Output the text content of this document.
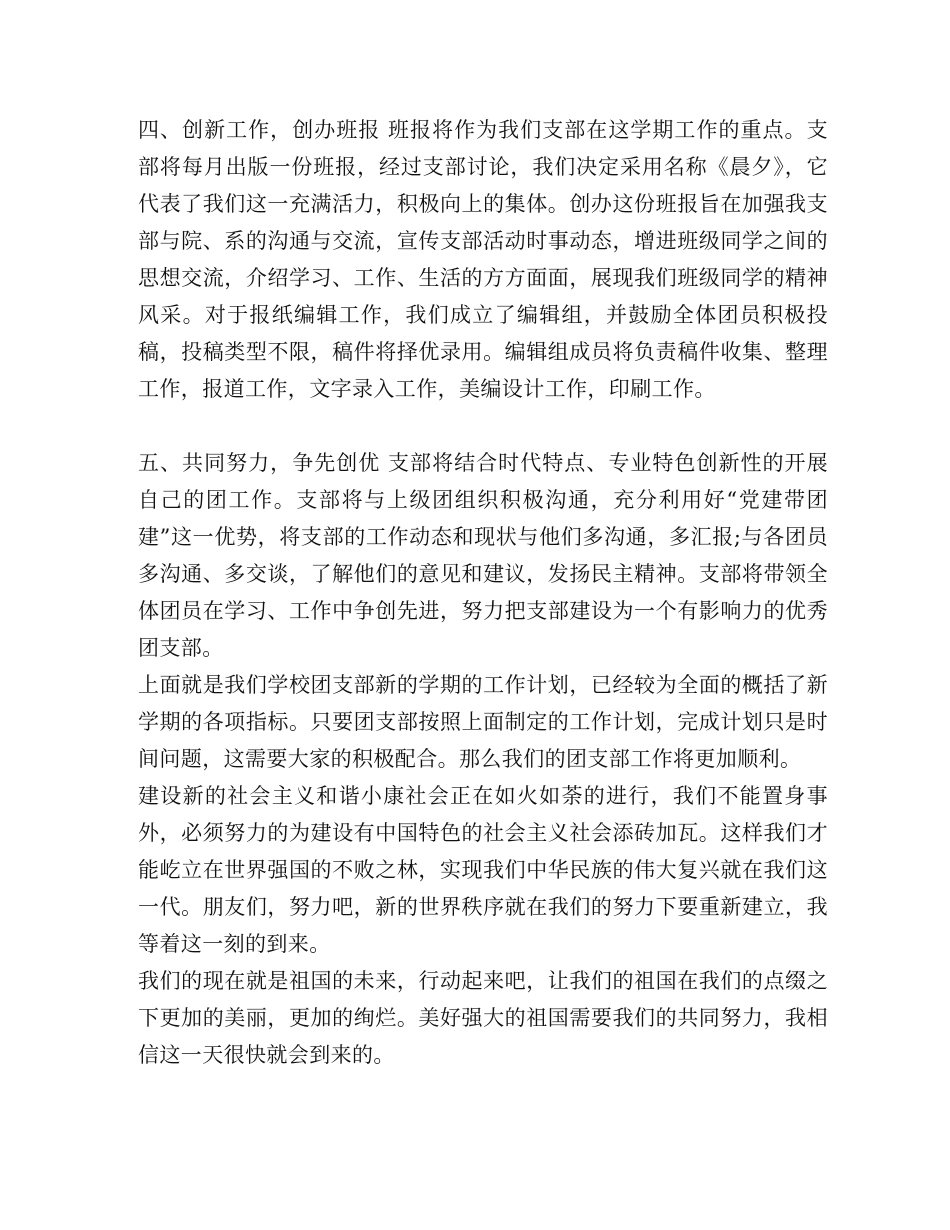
四、创新工作，创办班报 班报将作为我们支部在这学期工作的重点。支部将每月出版一份班报，经过支部讨论，我们决定采用名称《晨夕》，它代表了我们这一充满活力，积极向上的集体。创办这份班报旨在加强我支部与院、系的沟通与交流，宣传支部活动时事动态，增进班级同学之间的思想交流，介绍学习、工作、生活的方方面面，展现我们班级同学的精神风采。对于报纸编辑工作，我们成立了编辑组，并鼓励全体团员积极投稿，投稿类型不限，稿件将择优录用。编辑组成员将负责稿件收集、整理工作，报道工作，文字录入工作，美编设计工作，印刷工作。

五、共同努力，争先创优 支部将结合时代特点、专业特色创新性的开展自己的团工作。支部将与上级团组织积极沟通，充分利用好“党建带团建”这一优势，将支部的工作动态和现状与他们多沟通，多汇报;与各团员多沟通、多交谈，了解他们的意见和建议，发扬民主精神。支部将带领全体团员在学习、工作中争创先进，努力把支部建设为一个有影响力的优秀团支部。

上面就是我们学校团支部新的学期的工作计划，已经较为全面的概括了新学期的各项指标。只要团支部按照上面制定的工作计划，完成计划只是时间问题，这需要大家的积极配合。那么我们的团支部工作将更加顺利。

建设新的社会主义和谐小康社会正在如火如荼的进行，我们不能置身事外，必须努力的为建设有中国特色的社会主义社会添砖加瓦。这样我们才能屹立在世界强国的不败之林，实现我们中华民族的伟大复兴就在我们这一代。朋友们，努力吧，新的世界秩序就在我们的努力下要重新建立，我等着这一刻的到来。

我们的现在就是祖国的未来，行动起来吧，让我们的祖国在我们的点缀之下更加的美丽，更加的绚烂。美好强大的祖国需要我们的共同努力，我相信这一天很快就会到来的。
